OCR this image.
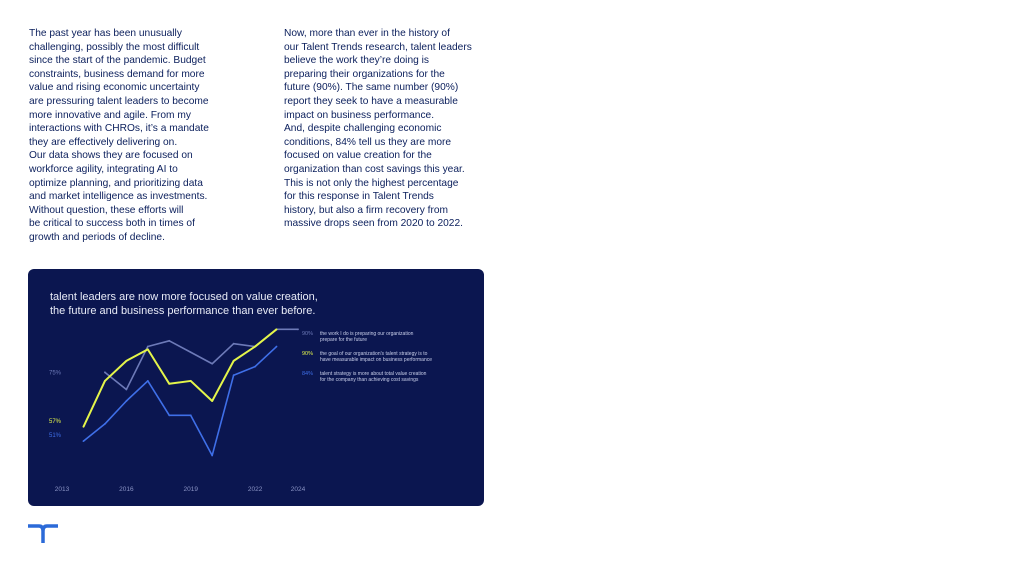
The past year has been unusually
challenging, possibly the most difficult
since the start of the pandemic. Budget
constraints, business demand for more
value and rising economic uncertainty
are pressuring talent leaders to become
more innovative and agile. From my
interactions with CHROs, it’s a mandate
they are effectively delivering on.
Our data shows they are focused on
workforce agility, integrating AI to
optimize planning, and prioritizing data
and market intelligence as investments.
Without question, these efforts will
be critical to success both in times of
growth and periods of decline.

Now, more than ever in the history of
our Talent Trends research, talent leaders
believe the work they’re doing is
preparing their organizations for the
future (90%). The same number (90%)
report they seek to have a measurable
impact on business performance.
And, despite challenging economic
conditions, 84% tell us they are more
focused on value creation for the
organization than cost savings this year.
This is not only the highest percentage
for this response in Talent Trends
history, but also a firm recovery from
massive drops seen from 2020 to 2022.

talent leaders are now more focused on value creation,
the future and business performance than ever before.
2013	2016	2019	2022	2024
90% the work I do is preparing our organization prepare for the future
57%
90% the goal of our organization's talent strategy is to have measurable impact on business performance
51%
84% talent strategy is more about total value creation for the company than achieving cost savings
75%
